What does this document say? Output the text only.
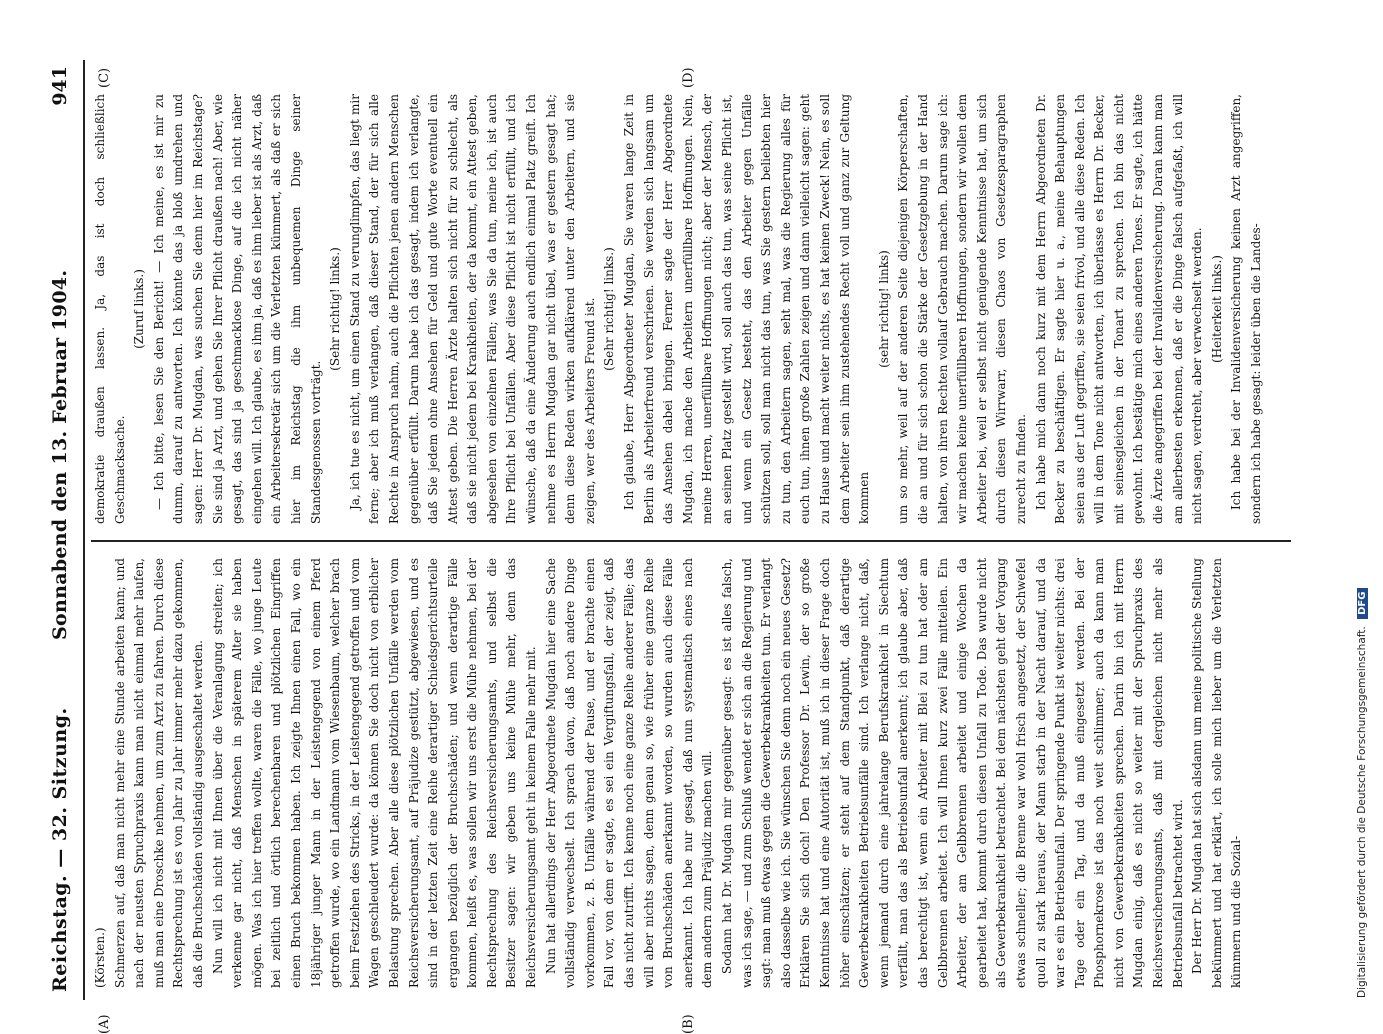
Reichstag. — 32. Sitzung.
Sonnabend den 13. Februar 1904.
941
(A)	(B)
(C)	(D)

(Körsten.) Schmerzen auf, daß man nicht mehr eine Stunde arbeiten kann; und nach der neusten Spruchpraxis kann man nicht einmal mehr laufen, muß man eine Droschke nehmen, um zum Arzt zu fahren. Durch diese Rechtsprechung ist es von Jahr zu Jahr immer mehr dazu gekommen, daß die Bruchschäden vollständig ausgeschaltet werden. Nun will ich nicht mit Ihnen über die Veranlagung streiten; ich verkenne gar nicht, daß Menschen in späterem Alter sie haben mögen. Was ich hier treffen wollte, waren die Fälle, wo junge Leute bei zeitlich und örtlich berechenbaren und plötzlichen Eingriffen einen Bruch bekommen haben. Ich zeigte Ihnen einen Fall, wo ein 18jähriger junger Mann in der Leistengegend von einem Pferd getroffen wurde, wo ein Landmann vom Wiesenbaum, welcher brach beim Festziehen des Stricks, in der Leistengegend getroffen und vom Wagen geschleudert wurde: da können Sie doch nicht von erblicher Belastung sprechen. Aber alle diese plötzlichen Unfälle werden vom Reichsversicherungsamt, auf Präjudize gestützt, abgewiesen, und es sind in der letzten Zeit eine Reihe derartiger Schiedsgerichtsurteile ergangen bezüglich der Bruchschäden; und wenn derartige Fälle kommen, heißt es, was sollen wir uns erst die Mühe nehmen, bei der Rechtsprechung des Reichsversicherungsamts, und selbst die Besitzer sagen: wir geben uns keine Mühe mehr, denn das Reichsversicherungsamt geht in keinem Falle mehr mit. Nun hat allerdings der Herr Abgeordnete Mugdan hier eine Sache vollständig verwechselt. Ich sprach davon, daß noch andere Dinge vorkommen, z. B. Unfälle während der Pause, und er brachte einen Fall vor, von dem er sagte, es sei ein Vergiftungsfall, der zeigt, daß das nicht zutrifft. Ich kenne noch eine ganze Reihe anderer Fälle; das will aber nichts sagen, denn genau so, wie früher eine ganze Reihe von Bruchschäden anerkannt worden, so wurden auch diese Fälle anerkannt. Ich habe nur gesagt, daß nun systematisch eines nach dem andern zum Präjudiz machen will. Sodann hat Dr. Mugdan mir gegenüber gesagt: es ist alles falsch, was ich sage, — und zum Schluß wendet er sich an die Regierung und sagt: man muß etwas gegen die Gewerbekrankheiten tun. Er verlangt also dasselbe wie ich. Sie wünschen Sie denn noch ein neues Gesetz? Erklären Sie sich doch! Den Professor Dr. Lewin, der so große Kenntnisse hat und eine Autorität ist, muß ich in dieser Frage doch höher einschätzen; er steht auf dem Standpunkt, daß derartige Gewerbekrankheiten Betriebsunfälle sind. Ich verlange nicht, daß, wenn jemand durch eine jahrelange Berufskrankheit in Siechtum verfällt, man das als Betriebsunfall anerkennt; ich glaube aber, daß das berechtigt ist, wenn ein Arbeiter mit Blei zu tun hat oder am Gelbbrennen arbeitet. Ich will Ihnen kurz zwei Fälle mitteilen. Ein Arbeiter, der am Gelbbrennen arbeitet und einige Wochen da gearbeitet hat, kommt durch diesen Unfall zu Tode. Das wurde nicht als Gewerbekrankheit betrachtet. Bei dem nächsten geht der Vorgang etwas schneller; die Brenne war wohl frisch angesetzt, der Schwefel quoll zu stark heraus, der Mann starb in der Nacht darauf, und da war es ein Betriebsunfall. Der springende Punkt ist weiter nichts: drei Tage oder ein Tag, und da muß eingesetzt werden. Bei der Phosphornekrose ist das noch weit schlimmer; auch da kann man nicht von Gewerbekrankheiten sprechen. Darin bin ich mit Herrn Mugdan einig, daß es nicht so weiter mit der Spruchpraxis des Reichsversicherungsamts, daß mit dergleichen nicht mehr als Betriebsunfall betrachtet wird. Der Herr Dr. Mugdan hat sich alsdann um meine politische Stellung bekümmert und hat erklärt, ich solle mich lieber um die Verletzten kümmern und die Sozial-

demokratie draußen lassen. Ja, das ist doch schließlich Geschmacksache.

(Zuruf links.) — Ich bitte, lesen Sie den Bericht! — Ich meine, es ist mir zu dumm, darauf zu antworten. Ich könnte das ja bloß umdrehen und sagen: Herr Dr. Mugdan, was suchen Sie denn hier im Reichstage? Sie sind ja Arzt, und gehen Sie Ihrer Pflicht draußen nach! Aber, wie gesagt, das sind ja geschmacklose Dinge, auf die ich nicht näher eingehen will. Ich glaube, es ihm ja, daß es ihm lieber ist als Arzt, daß ein Arbeitersekretär sich um die Verletzten kümmert, als daß er sich hier im Reichstag die ihm unbequemen Dinge seiner Standesgenossen vorträgt.

(Sehr richtig! links.) Ja, ich tue es nicht, um einen Stand zu verunglimpfen, das liegt mir ferne; aber ich muß verlangen, daß dieser Stand, der für sich alle Rechte in Anspruch nahm, auch die Pflichten jenen andern Menschen gegenüber erfüllt. Darum habe ich das gesagt, indem ich verlangte, daß Sie jedem ohne Ansehen für Geld und gute Worte eventuell ein Attest geben. Die Herren Ärzte halten sich nicht für zu schlecht, als daß sie nicht jedem bei Krankheiten, der da kommt, ein Attest geben, abgesehen von einzelnen Fällen; was Sie da tun, meine ich, ist auch Ihre Pflicht bei Unfällen. Aber diese Pflicht ist nicht erfüllt, und ich wünsche, daß da eine Änderung auch endlich einmal Platz greift. Ich nehme es Herrn Mugdan gar nicht übel, was er gestern gesagt hat; denn diese Reden wirken aufklärend unter den Arbeitern, und sie zeigen, wer des Arbeiters Freund ist. (Sehr richtig! links.) Ich glaube, Herr Abgeordneter Mugdan, Sie waren lange Zeit in Berlin als Arbeiterfreund verschrieen. Sie werden sich langsam um das Ansehen dabei bringen. Ferner sagte der Herr Abgeordnete Mugdan, ich mache den Arbeitern unerfüllbare Hoffnungen. Nein, meine Herren, unerfüllbare Hoffnungen nicht; aber der Mensch, der an seinen Platz gestellt wird, soll auch das tun, was seine Pflicht ist, und wenn ein Gesetz besteht, das den Arbeiter gegen Unfälle schützen soll, soll man nicht das tun, was Sie gestern beliebten hier zu tun, den Arbeitern sagen, seht mal, was die Regierung alles für euch tun, ihnen große Zahlen zeigen und dann vielleicht sagen: geht zu Hause und macht weiter nichts, es hat keinen Zweck! Nein, es soll dem Arbeiter sein ihm zustehendes Recht voll und ganz zur Geltung kommen

(sehr richtig! links) um so mehr, weil auf der anderen Seite diejenigen Körperschaften, die an und für sich schon die Stärke der Gesetzgebung in der Hand halten, von ihren Rechten vollauf Gebrauch machen. Darum sage ich: wir machen keine unerfüllbaren Hoffnungen, sondern wir wollen dem Arbeiter bei, weil er selbst nicht genügende Kenntnisse hat, um sich durch diesen Wirrwarr, diesen Chaos von Gesetzesparagraphen zurecht zu finden. Ich habe mich dann noch kurz mit dem Herrn Abgeordneten Dr. Becker zu beschäftigen. Er sagte hier u. a., meine Behauptungen seien aus der Luft gegriffen, sie seien frivol, und alle diese Reden. Ich will in dem Tone nicht antworten, ich überlasse es Herrn Dr. Becker, mit seinesgleichen in der Tonart zu sprechen. Ich bin das nicht gewohnt. Ich bestätige mich eines anderen Tones. Er sagte, ich hätte die Ärzte angegriffen bei der Invalidenversicherung. Daran kann man am allerbesten erkennen, daß er die Dinge falsch aufgefaßt, ich will nicht sagen, verdreht, aber verwechselt werden. (Heiterkeit links.) Ich habe bei der Invalidenversicherung keinen Arzt angegriffen, sondern ich habe gesagt: leider üben die Landes-

Digitalisierung gefördert durch die Deutsche Forschungsgemeinschaft. DFG
